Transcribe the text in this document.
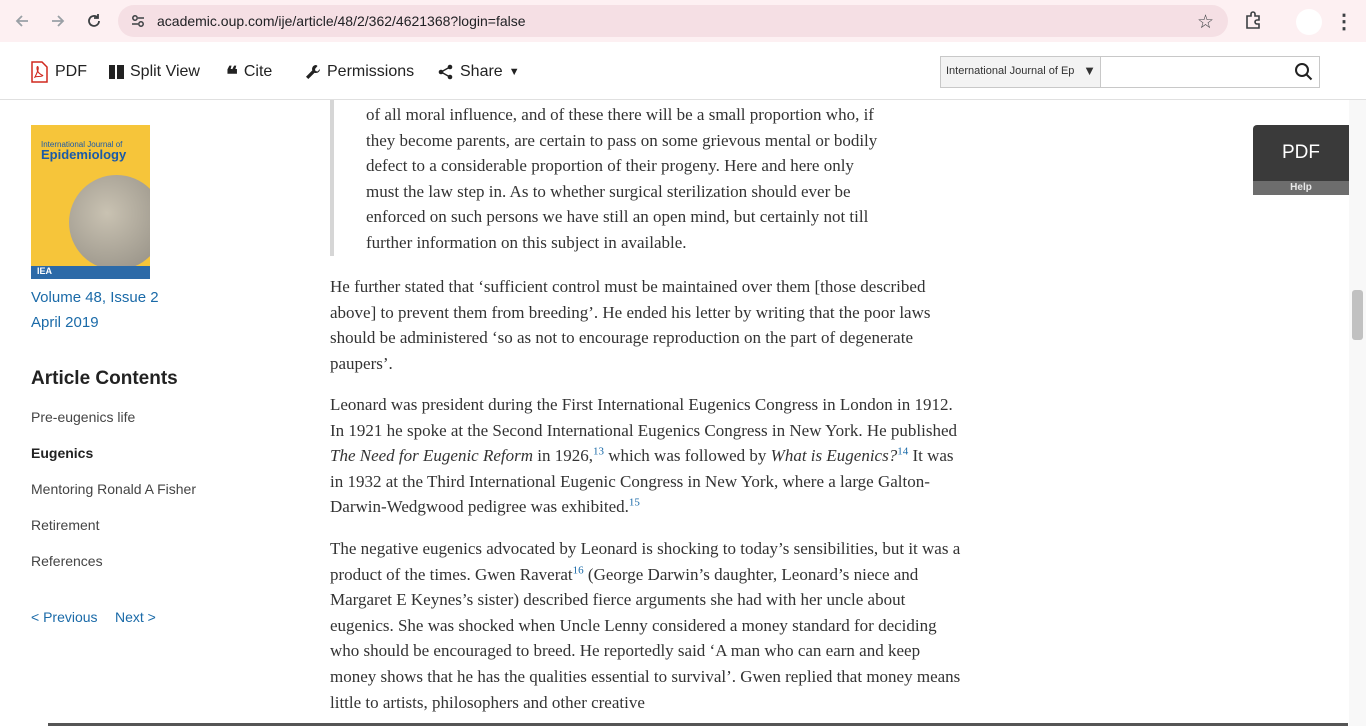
academic.oup.com/ije/article/48/2/362/4621368?login=false	☆	⋮
PDF	Split View ❝ Cite	Permissions	Share ▼	International Journal of Ep ▼
International Journal of
Epidemiology
IEA
Volume 48, Issue 2
April 2019
Article Contents
Pre-eugenics life
Eugenics
Mentoring Ronald A Fisher
Retirement
References
< Previous Next >

of all moral influence, and of these there will be a small proportion who, if

they become parents, are certain to pass on some grievous mental or bodily

defect to a considerable proportion of their progeny. Here and here only

must the law step in. As to whether surgical sterilization should ever be

enforced on such persons we have still an open mind, but certainly not till

further information on this subject in available.

He further stated that ‘sufficient control must be maintained over them [those described above] to prevent them from breeding’. He ended his letter by writing that the poor laws should be administered ‘so as not to encourage reproduction on the part of degenerate paupers’.

Leonard was president during the First International Eugenics Congress in London in 1912. In 1921 he spoke at the Second International Eugenics Congress in New York. He published The Need for Eugenic Reform in 1926,13 which was followed by What is Eugenics?$^{14}$ It was in 1932 at the Third International Eugenic Congress in New York, where a large Galton-Darwin-Wedgwood pedigree was exhibited.$^{15}$

The negative eugenics advocated by Leonard is shocking to today’s sensibilities, but it was a product of the times. Gwen Raverat$^{16}$ (George Darwin’s daughter, Leonard’s niece and Margaret E Keynes’s sister) described fierce arguments she had with her uncle about eugenics. She was shocked when Uncle Lenny considered a money standard for deciding who should be encouraged to breed. He reportedly said ‘A man who can earn and keep money shows that he has the qualities essential to survival’. Gwen replied that money means little to artists, philosophers and other creative

PDF
Help
